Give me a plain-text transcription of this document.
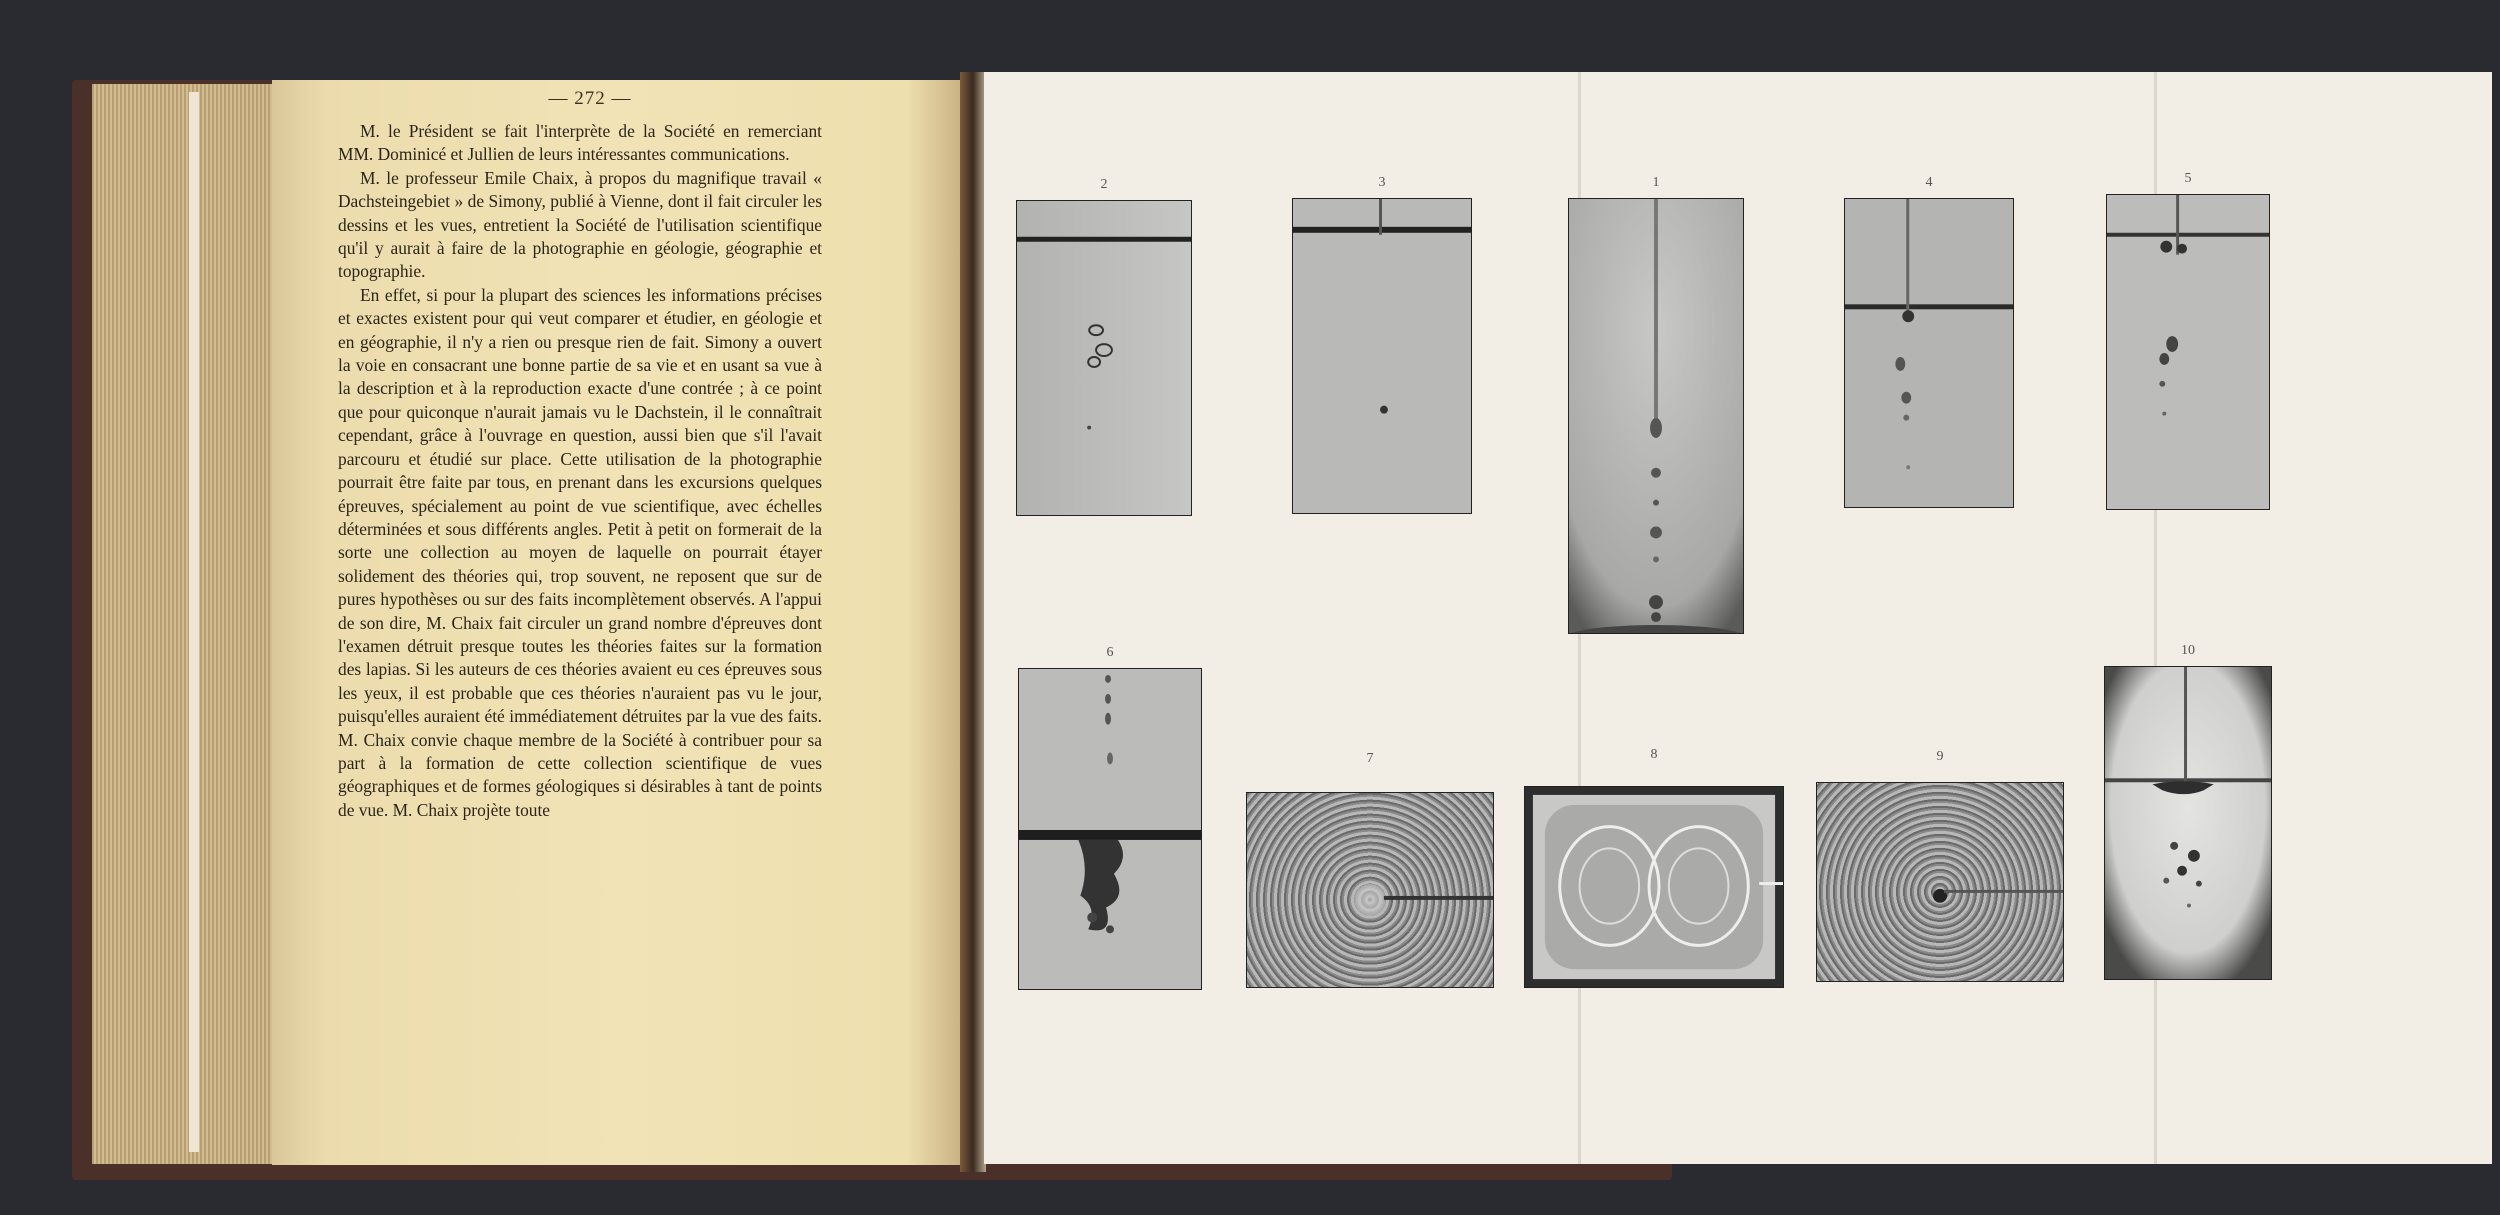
— 272 —

M. le Président se fait l'interprète de la Société en remerciant MM. Dominicé et Jullien de leurs intéressantes communications.

M. le professeur Emile Chaix, à propos du magnifique travail « Dachsteingebiet » de Simony, publié à Vienne, dont il fait circuler les dessins et les vues, entretient la Société de l'utilisation scientifique qu'il y aurait à faire de la photographie en géologie, géographie et topographie.

En effet, si pour la plupart des sciences les informations précises et exactes existent pour qui veut comparer et étudier, en géologie et en géographie, il n'y a rien ou presque rien de fait. Simony a ouvert la voie en consacrant une bonne partie de sa vie et en usant sa vue à la description et à la reproduction exacte d'une contrée ; à ce point que pour quiconque n'aurait jamais vu le Dachstein, il le connaîtrait cependant, grâce à l'ouvrage en question, aussi bien que s'il l'avait parcouru et étudié sur place. Cette utilisation de la photographie pourrait être faite par tous, en prenant dans les excursions quelques épreuves, spécialement au point de vue scientifique, avec échelles déterminées et sous différents angles. Petit à petit on formerait de la sorte une collection au moyen de laquelle on pourrait étayer solidement des théories qui, trop souvent, ne reposent que sur de pures hypothèses ou sur des faits incomplètement observés. A l'appui de son dire, M. Chaix fait circuler un grand nombre d'épreuves dont l'examen détruit presque toutes les théories faites sur la formation des lapias. Si les auteurs de ces théories avaient eu ces épreuves sous les yeux, il est probable que ces théories n'auraient pas vu le jour, puisqu'elles auraient été immédiatement détruites par la vue des faits. M. Chaix convie chaque membre de la Société à contribuer pour sa part à la formation de cette collection scientifique de vues géographiques et de formes géologiques si désirables à tant de points de vue. M. Chaix projète toute

2	3	1	4	5
6
7	8	9
10
